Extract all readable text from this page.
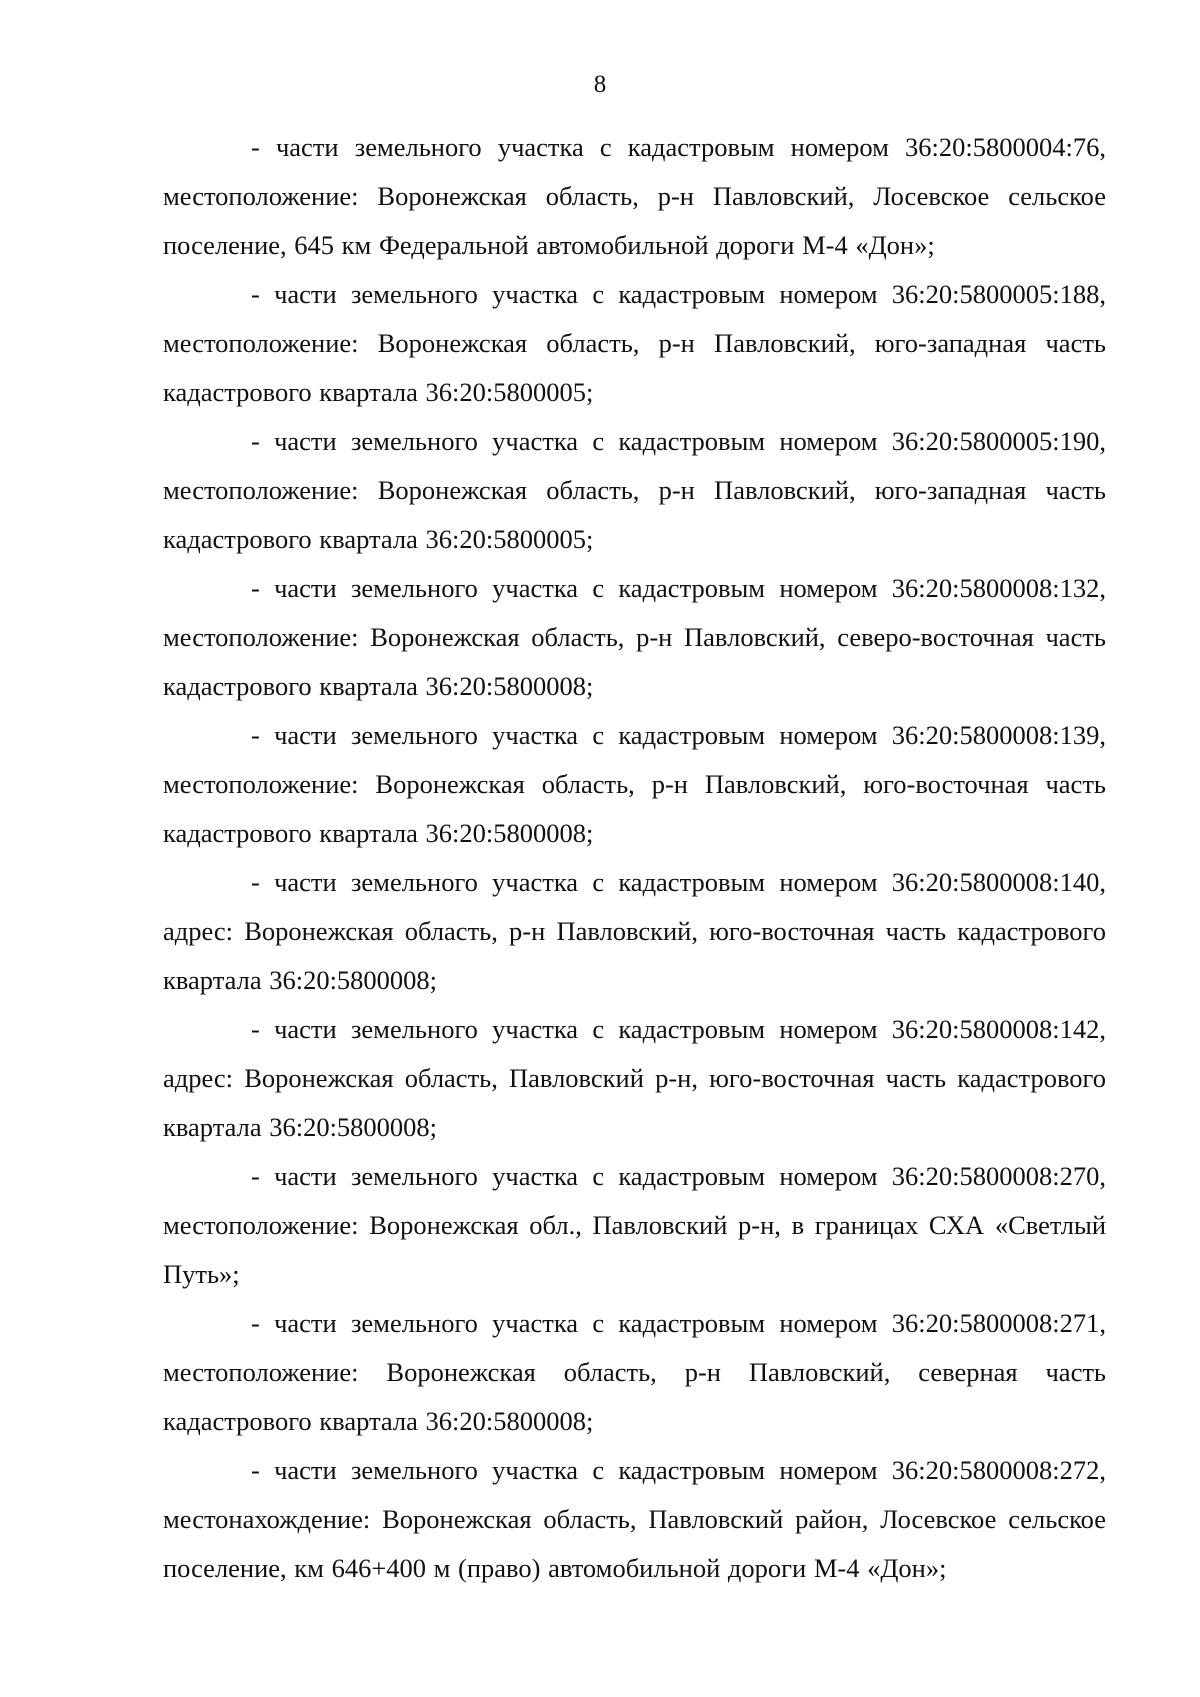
8

- части земельного участка с кадастровым номером 36:20:5800004:76, местоположение: Воронежская область, р-н Павловский, Лосевское сельское поселение, 645 км Федеральной автомобильной дороги М-4 «Дон»;

- части земельного участка с кадастровым номером 36:20:5800005:188, местоположение: Воронежская область, р-н Павловский, юго-западная часть кадастрового квартала 36:20:5800005;

- части земельного участка с кадастровым номером 36:20:5800005:190, местоположение: Воронежская область, р-н Павловский, юго-западная часть кадастрового квартала 36:20:5800005;

- части земельного участка с кадастровым номером 36:20:5800008:132, местоположение: Воронежская область, р-н Павловский, северо-восточная часть кадастрового квартала 36:20:5800008;

- части земельного участка с кадастровым номером 36:20:5800008:139, местоположение: Воронежская область, р-н Павловский, юго-восточная часть кадастрового квартала 36:20:5800008;

- части земельного участка с кадастровым номером 36:20:5800008:140, адрес: Воронежская область, р-н Павловский, юго-восточная часть кадастрового квартала 36:20:5800008;

- части земельного участка с кадастровым номером 36:20:5800008:142, адрес: Воронежская область, Павловский р-н, юго-восточная часть кадастрового квартала 36:20:5800008;

- части земельного участка с кадастровым номером 36:20:5800008:270, местоположение: Воронежская обл., Павловский р-н, в границах СХА «Светлый Путь»;

- части земельного участка с кадастровым номером 36:20:5800008:271, местоположение: Воронежская область, р-н Павловский, северная часть кадастрового квартала 36:20:5800008;

- части земельного участка с кадастровым номером 36:20:5800008:272, местонахождение: Воронежская область, Павловский район, Лосевское сельское поселение, км 646+400 м (право) автомобильной дороги М-4 «Дон»;
